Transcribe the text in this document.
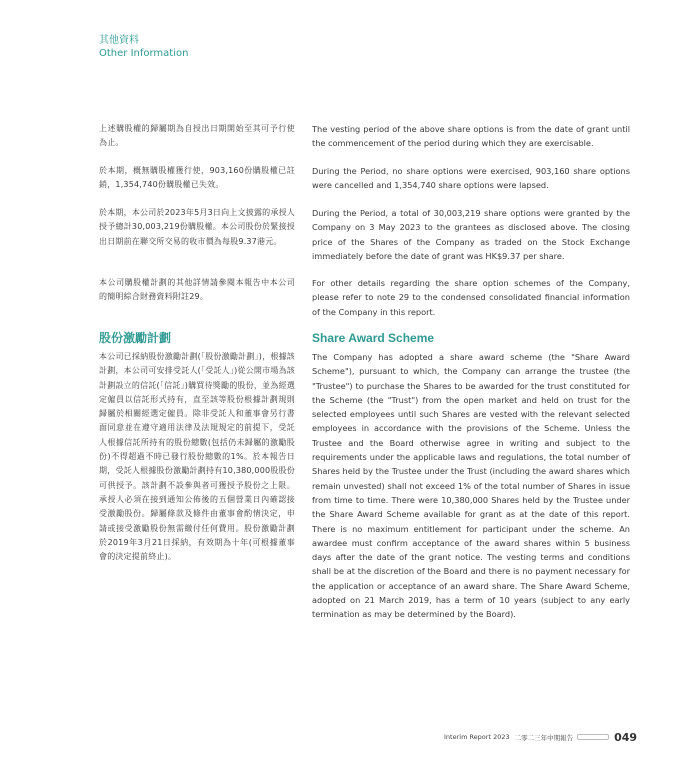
其他資料
Other Information

上述購股權的歸屬期為自授出日期開始至其可予行使為止。

The vesting period of the above share options is from the date of grant until the commencement of the period during which they are exercisable.

於本期，概無購股權獲行使，903,160份購股權已註銷，1,354,740份購股權已失效。

During the Period, no share options were exercised, 903,160 share options were cancelled and 1,354,740 share options were lapsed.

於本期，本公司於2023年5月3日向上文披露的承授人授予總計30,003,219份購股權。本公司股份於緊接授出日期前在聯交所交易的收市價為每股9.37港元。

During the Period, a total of 30,003,219 share options were granted by the Company on 3 May 2023 to the grantees as disclosed above. The closing price of the Shares of the Company as traded on the Stock Exchange immediately before the date of grant was HK$9.37 per share.

本公司購股權計劃的其他詳情請參閱本報告中本公司的簡明綜合財務資料附註29。

For other details regarding the share option schemes of the Company, please refer to note 29 to the condensed consolidated financial information of the Company in this report.

股份激勵計劃

本公司已採納股份激勵計劃(「股份激勵計劃」)，根據該計劃，本公司可安排受託人(「受託人」)從公開市場為該計劃設立的信託(「信託」)購買待獎勵的股份，並為經選定僱員以信託形式持有，直至該等股份根據計劃規則歸屬於相關經選定僱員。除非受託人和董事會另行書面同意並在遵守適用法律及法規規定的前提下，受託人根據信託所持有的股份總數(包括仍未歸屬的激勵股份)不得超過不時已發行股份總數的1%。於本報告日期，受託人根據股份激勵計劃持有10,380,000股股份可供授予。該計劃不設參與者可獲授予股份之上限。承授人必須在接到通知公佈後的五個營業日內確認接受激勵股份。歸屬條款及條件由董事會酌情決定，申請或接受激勵股份無需繳付任何費用。股份激勵計劃於2019年3月21日採納，有效期為十年(可根據董事會的決定提前終止)。

Share Award Scheme

The Company has adopted a share award scheme (the "Share Award Scheme"), pursuant to which, the Company can arrange the trustee (the "Trustee") to purchase the Shares to be awarded for the trust constituted for the Scheme (the "Trust") from the open market and held on trust for the selected employees until such Shares are vested with the relevant selected employees in accordance with the provisions of the Scheme. Unless the Trustee and the Board otherwise agree in writing and subject to the requirements under the applicable laws and regulations, the total number of Shares held by the Trustee under the Trust (including the award shares which remain unvested) shall not exceed 1% of the total number of Shares in issue from time to time. There were 10,380,000 Shares held by the Trustee under the Share Award Scheme available for grant as at the date of this report. There is no maximum entitlement for participant under the scheme. An awardee must confirm acceptance of the award shares within 5 business days after the date of the grant notice. The vesting terms and conditions shall be at the discretion of the Board and there is no payment necessary for the application or acceptance of an award share. The Share Award Scheme, adopted on 21 March 2019, has a term of 10 years (subject to any early termination as may be determined by the Board).

Interim Report 2023 二零二三年中期報告	049
